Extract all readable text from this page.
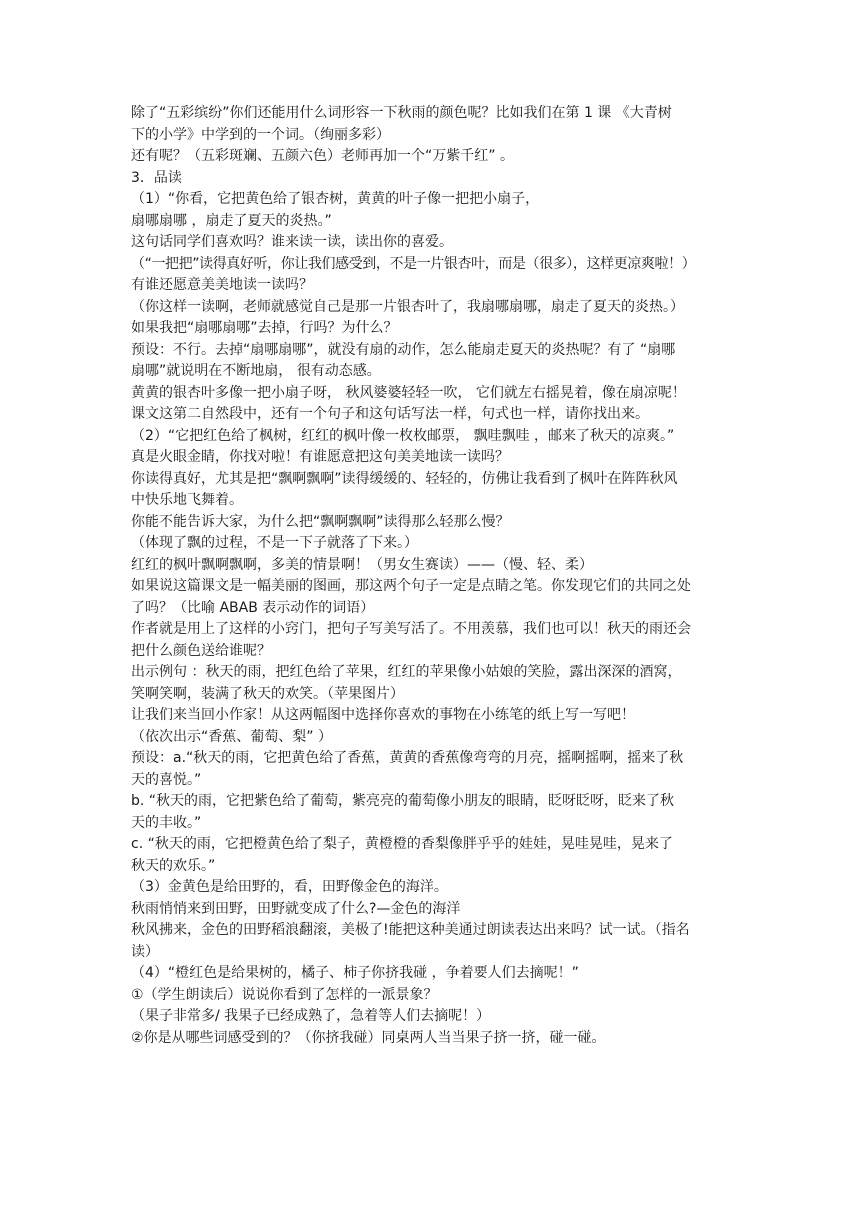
除了“五彩缤纷”你们还能用什么词形容一下秋雨的颜色呢？比如我们在第 1 课 《大青树
下的小学》中学到的一个词。（绚丽多彩）
还有呢？（五彩斑斓、五颜六色）老师再加一个“万紫千红” 。
3．品读
（1）“你看，它把黄色给了银杏树，黄黄的叶子像一把把小扇子，
扇哪扇哪 ，扇走了夏天的炎热。”
这句话同学们喜欢吗？谁来读一读，读出你的喜爱。
（“一把把”读得真好听，你让我们感受到，不是一片银杏叶，而是（很多），这样更凉爽啦！）
有谁还愿意美美地读一读吗？
（你这样一读啊，老师就感觉自己是那一片银杏叶了，我扇哪扇哪，扇走了夏天的炎热。）
如果我把“扇哪扇哪”去掉，行吗？为什么？
预设：不行。去掉“扇哪扇哪”，就没有扇的动作，怎么能扇走夏天的炎热呢？有了 “扇哪
扇哪”就说明在不断地扇， 很有动态感。
黄黄的银杏叶多像一把小扇子呀， 秋风婆婆轻轻一吹， 它们就左右摇晃着，像在扇凉呢！
课文这第二自然段中，还有一个句子和这句话写法一样，句式也一样，请你找出来。
（2）“它把红色给了枫树，红红的枫叶像一枚枚邮票， 飘哇飘哇 ，邮来了秋天的凉爽。”
真是火眼金睛，你找对啦！有谁愿意把这句美美地读一读吗？
你读得真好，尤其是把“飘啊飘啊”读得缓缓的、轻轻的，仿佛让我看到了枫叶在阵阵秋风
中快乐地飞舞着。
你能不能告诉大家，为什么把“飘啊飘啊”读得那么轻那么慢？
（体现了飘的过程，不是一下子就落了下来。）
红红的枫叶飘啊飘啊，多美的情景啊！（男女生赛读）——（慢、轻、柔）
如果说这篇课文是一幅美丽的图画，那这两个句子一定是点睛之笔。你发现它们的共同之处
了吗？（比喻 ABAB 表示动作的词语）
作者就是用上了这样的小窍门，把句子写美写活了。不用羡慕，我们也可以！秋天的雨还会
把什么颜色送给谁呢？
出示例句 ：秋天的雨，把红色给了苹果，红红的苹果像小姑娘的笑脸，露出深深的酒窝，
笑啊笑啊，装满了秋天的欢笑。（苹果图片）
让我们来当回小作家！从这两幅图中选择你喜欢的事物在小练笔的纸上写一写吧！
（依次出示“香蕉、葡萄、梨” ）
预设：a.“秋天的雨，它把黄色给了香蕉，黄黄的香蕉像弯弯的月亮，摇啊摇啊，摇来了秋
天的喜悦。”
b. “秋天的雨，它把紫色给了葡萄，紫亮亮的葡萄像小朋友的眼睛，眨呀眨呀，眨来了秋
天的丰收。”
c. “秋天的雨，它把橙黄色给了梨子，黄橙橙的香梨像胖乎乎的娃娃，晃哇晃哇，晃来了
秋天的欢乐。”
（3）金黄色是给田野的，看，田野像金色的海洋。
秋雨悄悄来到田野，田野就变成了什么?—金色的海洋
秋风拂来，金色的田野稻浪翻滚，美极了!能把这种美通过朗读表达出来吗？试一试。（指名
读）
（4）“橙红色是给果树的，橘子、柿子你挤我碰 ，争着要人们去摘呢！”
①（学生朗读后）说说你看到了怎样的一派景象？
（果子非常多/ 我果子已经成熟了，急着等人们去摘呢！）
②你是从哪些词感受到的？（你挤我碰）同桌两人当当果子挤一挤，碰一碰。
